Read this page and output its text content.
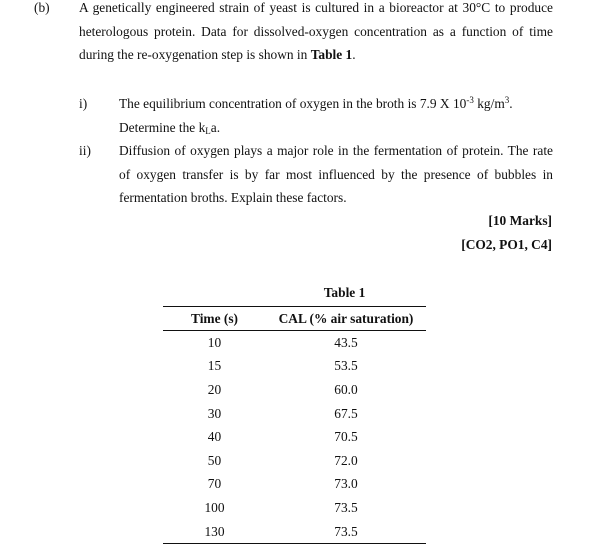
(b) A genetically engineered strain of yeast is cultured in a bioreactor at 30°C to produce
heterologous protein. Data for dissolved-oxygen concentration as a function of time
during the re-oxygenation step is shown in Table 1.
i) The equilibrium concentration of oxygen in the broth is 7.9 X $10^{-3}$ $kg/m^3$.
Determine the $k_La$.
ii) Diffusion of oxygen plays a major role in the fermentation of protein. The rate
of oxygen transfer is by far most influenced by the presence of bubbles in
fermentation broths. Explain these factors.
[10 Marks]
[CO2, PO1, C4]
Table 1
Time (s)	CAL (% air saturation)
10	43.5
15	53.5
20	60.0
30	67.5
40	70.5
50	72.0
70	73.0
100	73.5
130	73.5
